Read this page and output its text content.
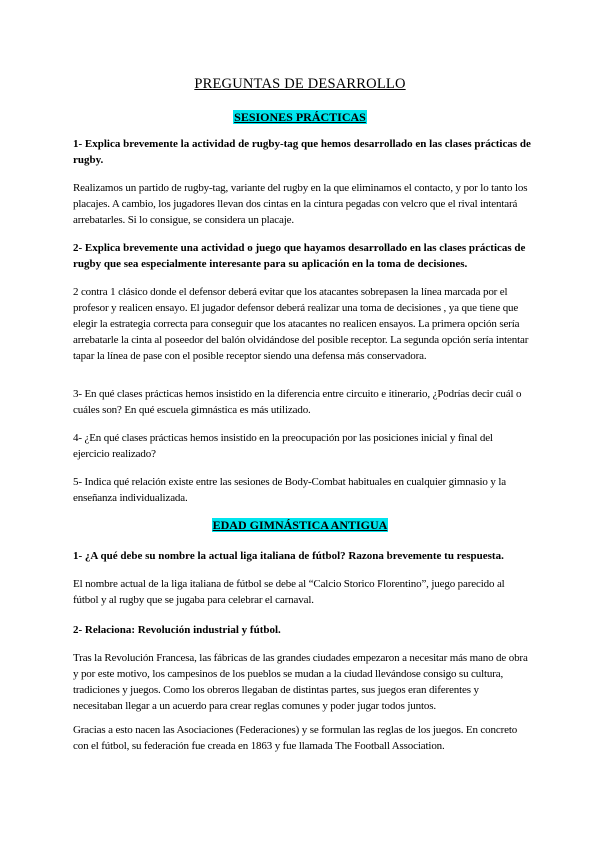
PREGUNTAS DE DESARROLLO
SESIONES PRÁCTICAS
1- Explica brevemente la actividad de rugby-tag que hemos desarrollado en las clases prácticas de rugby.
Realizamos un partido de rugby-tag, variante del rugby en la que eliminamos el contacto, y por lo tanto los placajes. A cambio, los jugadores llevan dos cintas en la cintura pegadas con velcro que el rival intentará arrebatarles. Si lo consigue, se considera un placaje.
2- Explica brevemente una actividad o juego que hayamos desarrollado en las clases prácticas de rugby que sea especialmente interesante para su aplicación en la toma de decisiones.
2 contra 1 clásico donde el defensor deberá evitar que los atacantes sobrepasen la línea marcada por el profesor y realicen ensayo. El jugador defensor deberá realizar una toma de decisiones , ya que tiene que elegir la estrategia correcta para conseguir que los atacantes no realicen ensayos. La primera opción sería arrebatarle la cinta al poseedor del balón olvidándose del posible receptor. La segunda opción sería intentar tapar la línea de pase con el posible receptor siendo una defensa más conservadora.
3- En qué clases prácticas hemos insistido en la diferencia entre circuito e itinerario, ¿Podrías decir cuál o cuáles son? En qué escuela gimnástica es más utilizado.
4- ¿En qué clases prácticas hemos insistido en la preocupación por las posiciones inicial y final del ejercicio realizado?
5- Indica qué relación existe entre las sesiones de Body-Combat habituales en cualquier gimnasio y la enseñanza individualizada.
EDAD GIMNÁSTICA ANTIGUA
1- ¿A qué debe su nombre la actual liga italiana de fútbol? Razona brevemente tu respuesta.
El nombre actual de la liga italiana de fútbol se debe al “Calcio Storico Florentino”, juego parecido al fútbol y al rugby que se jugaba para celebrar el carnaval.
2- Relaciona: Revolución industrial y fútbol.
Tras la Revolución Francesa, las fábricas de las grandes ciudades empezaron a necesitar más mano de obra y por este motivo, los campesinos de los pueblos se mudan a la ciudad llevándose consigo su cultura, tradiciones y juegos. Como los obreros llegaban de distintas partes, sus juegos eran diferentes y necesitaban llegar a un acuerdo para crear reglas comunes y poder jugar todos juntos.
Gracias a esto nacen las Asociaciones (Federaciones) y se formulan las reglas de los juegos. En concreto con el fútbol, su federación fue creada en 1863 y fue llamada The Football Association.
